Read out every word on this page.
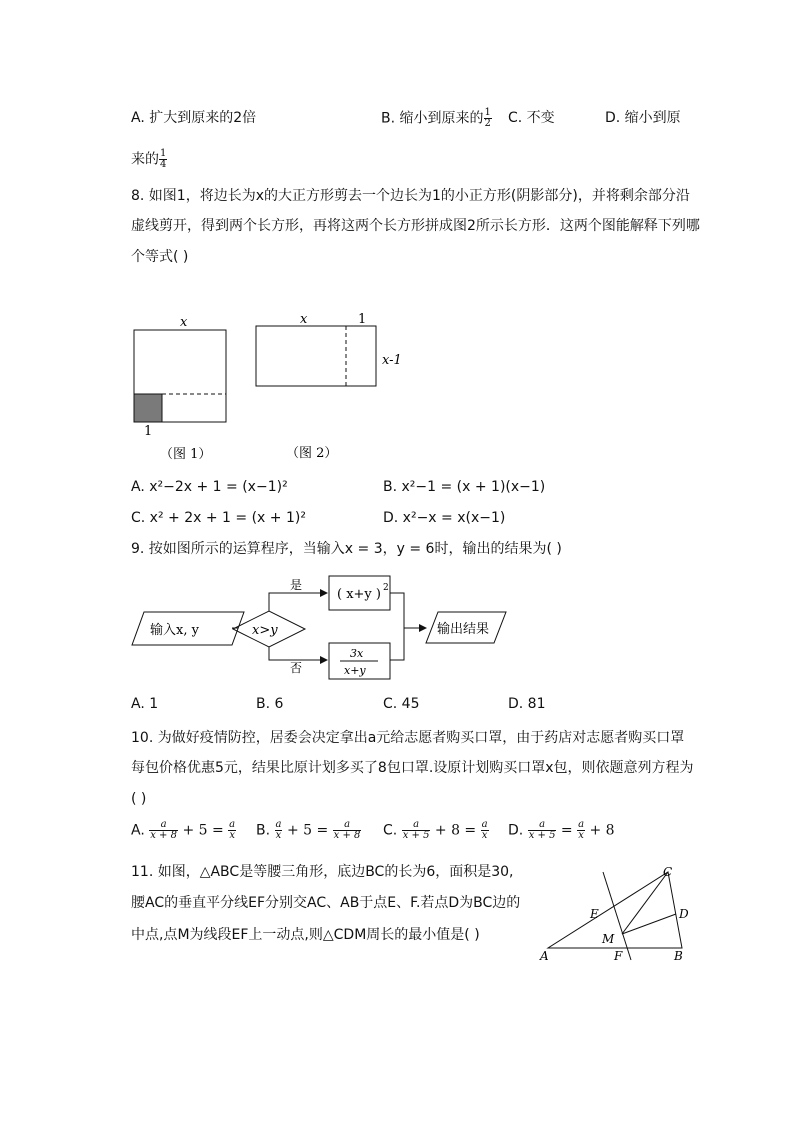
A. 扩大到原来的2倍	B. 缩小到原来的 $\frac{1}{2} C$. 不变	D. 缩小到原
来的 $\frac{1}{4}$
8. 如图1，将边长为x的大正方形剪去一个边长为1的小正方形(阴影部分)，并将剩余部分沿
虚线剪开，得到两个长方形，再将这两个长方形拼成图2所示长方形．这两个图能解释下列哪
个等式( )
x
1
（图 1）
x	1
x-1
（图 2）
A. x²−2x + 1 = (x−1)²	B. x²−1 = (x + 1)(x−1)
C. x² + 2x + 1 = (x + 1)²	D. x²−x = x(x−1)
9. 按如图所示的运算程序，当输入x = 3，y = 6时，输出的结果为( )
输入x, y	x>y
是
( x+y ) 2
否
3x
x+y
输出结果
A. 1	B. 6	C. 45	D. 81
10. 为做好疫情防控，居委会决定拿出a元给志愿者购买口罩，由于药店对志愿者购买口罩
每包价格优惠5元，结果比原计划多买了8包口罩.设原计划购买口罩x包，则依题意列方程为
( )
A. $\frac{a}{x + 8} + 5 = \frac{a}{x} B$. $\frac{a}{x} + 5 = \frac{a}{x + 8} C$. $\frac{a}{x + 5} + 8 = \frac{a}{x} D$. $\frac{a}{x + 5} = \frac{a}{x} + 8$
11. 如图，△ABC是等腰三角形，底边BC的长为6，面积是30,
腰AC的垂直平分线EF分别交AC、AB于点E、F.若点D为BC边的
中点,点M为线段EF上一动点,则△CDM周长的最小值是( )
A	B
C
D
E
F
M
